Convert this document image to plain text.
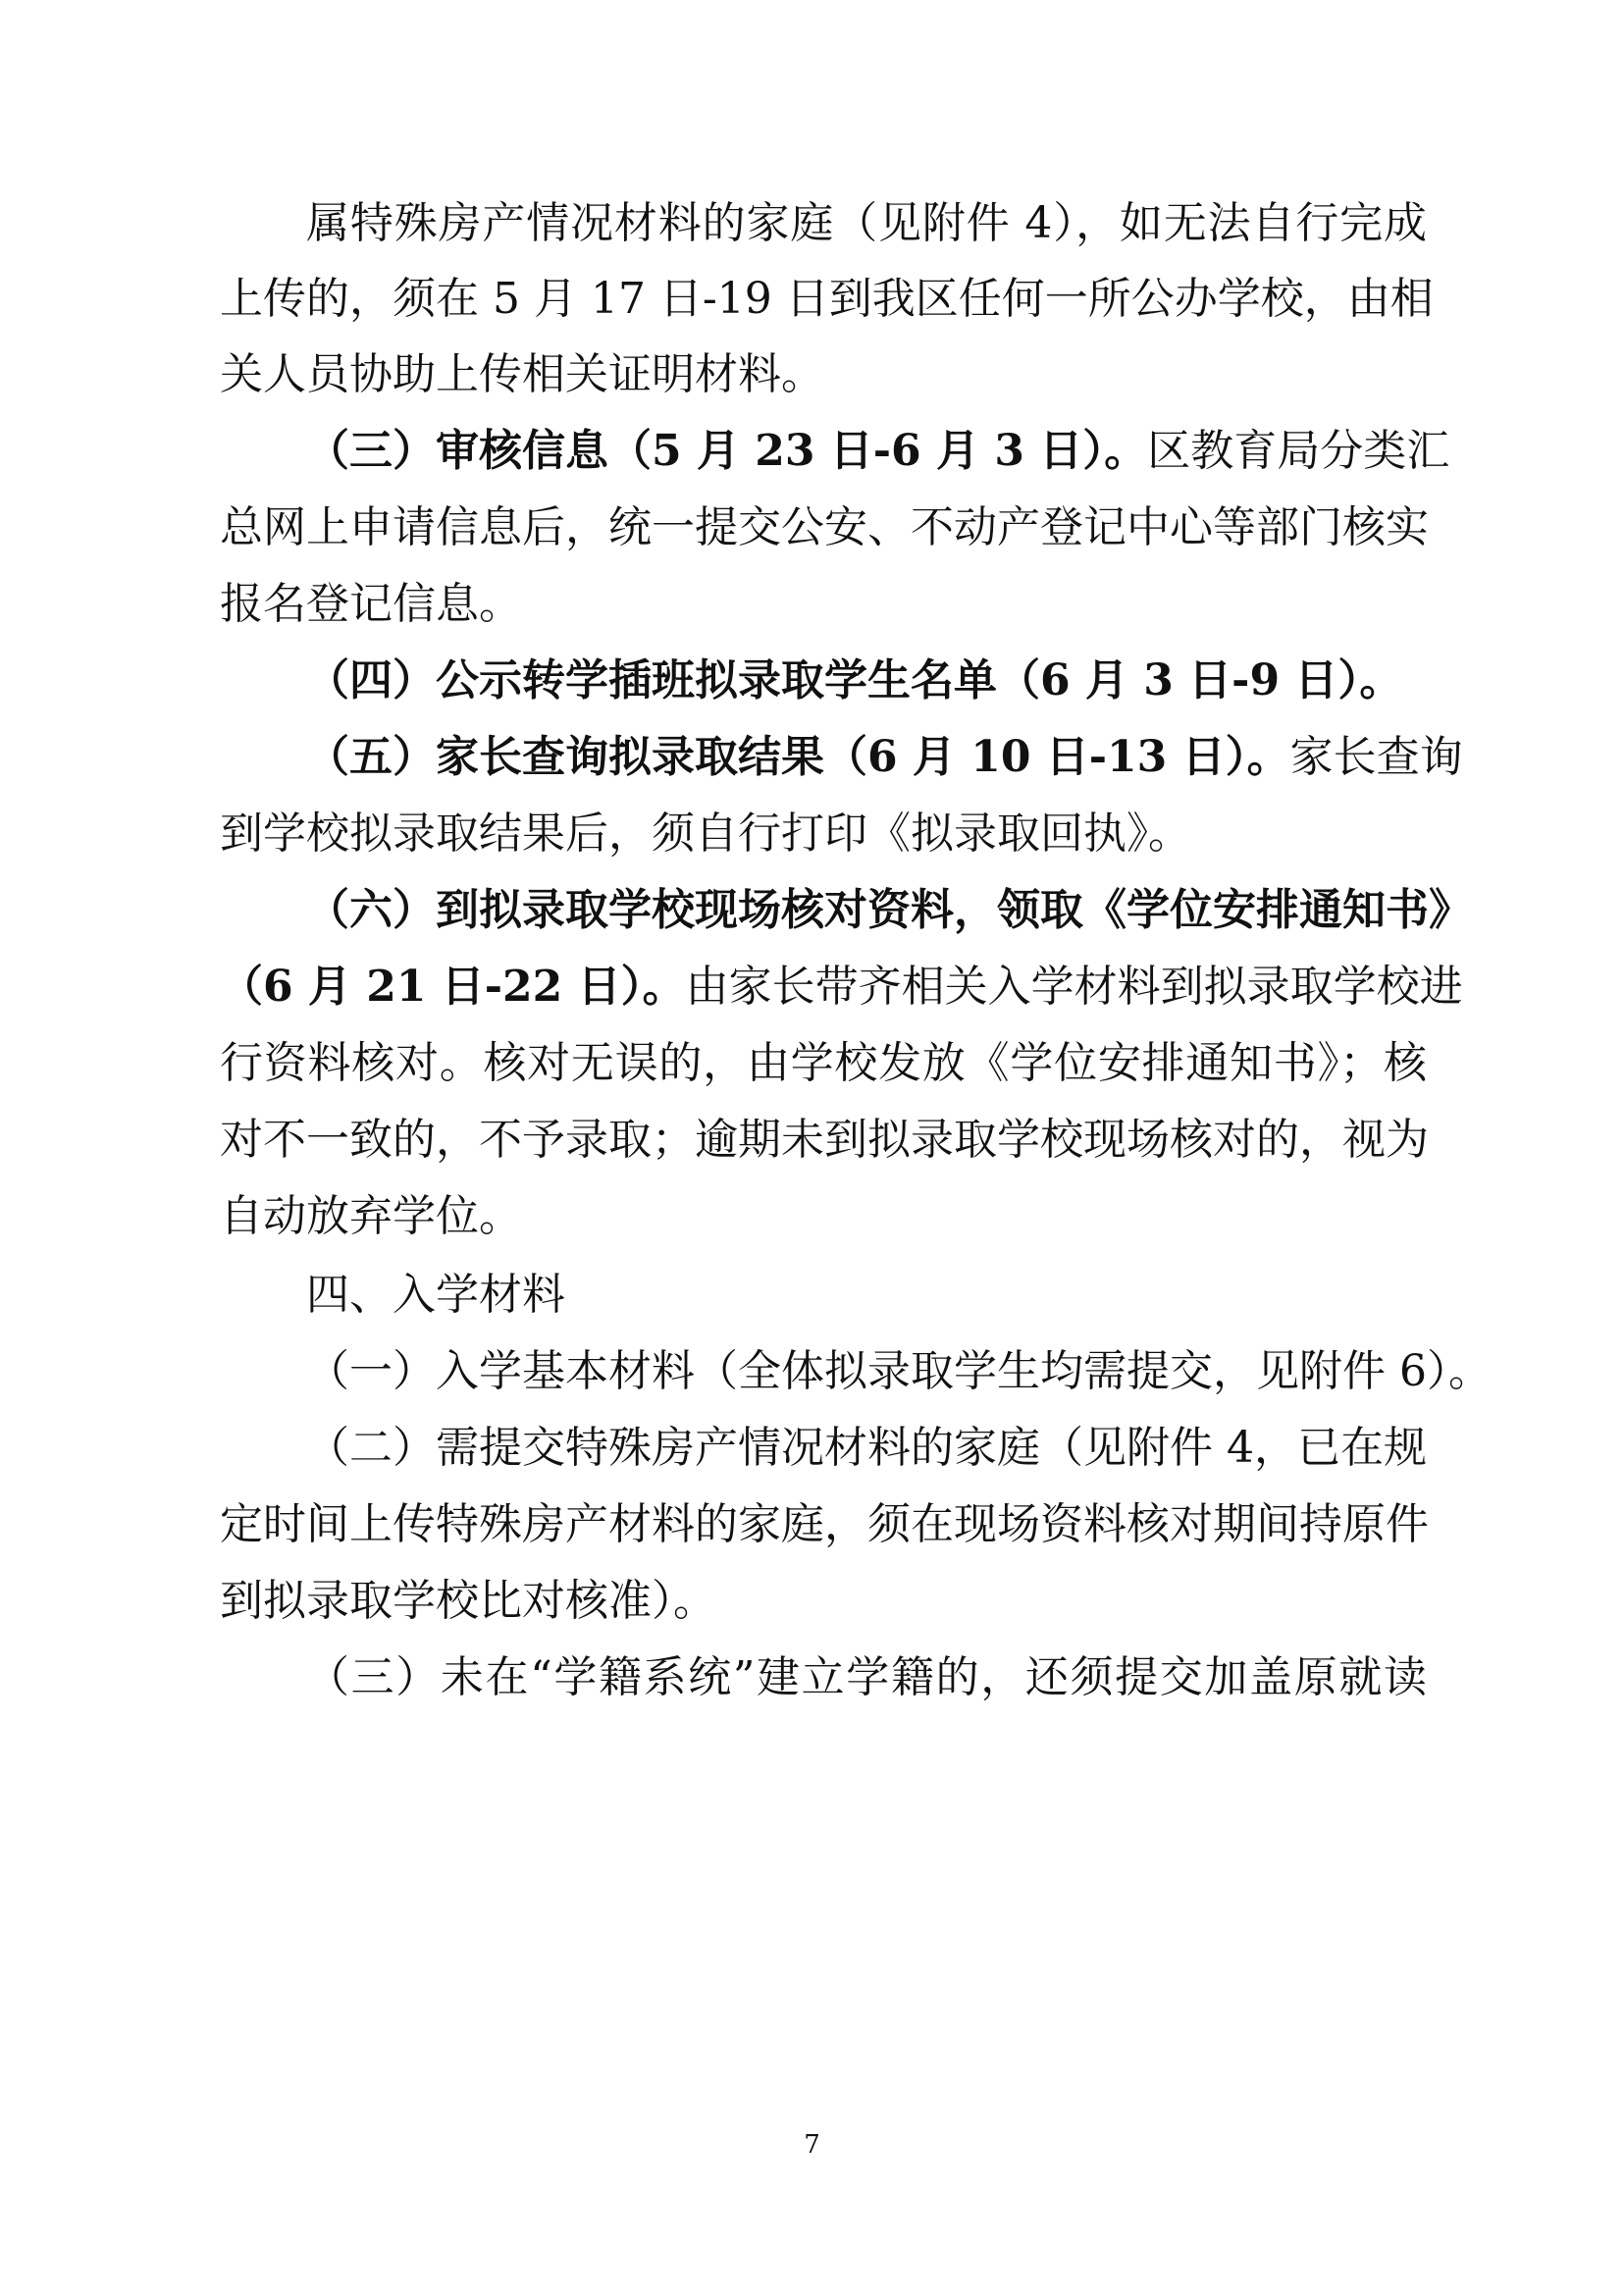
属特殊房产情况材料的家庭（见附件 4），如无法自行完成
上传的，须在 5 月 17 日-19 日到我区任何一所公办学校，由相
关人员协助上传相关证明材料。
（三）审核信息（5 月 23 日-6 月 3 日）。区教育局分类汇
总网上申请信息后，统一提交公安、不动产登记中心等部门核实
报名登记信息。
（四）公示转学插班拟录取学生名单（6 月 3 日-9 日）。
（五）家长查询拟录取结果（6 月 10 日-13 日）。家长查询
到学校拟录取结果后，须自行打印《拟录取回执》。
（六）到拟录取学校现场核对资料，领取《学位安排通知书》
（6 月 21 日-22 日）。由家长带齐相关入学材料到拟录取学校进
行资料核对。核对无误的，由学校发放《学位安排通知书》；核
对不一致的，不予录取；逾期未到拟录取学校现场核对的，视为
自动放弃学位。
四、入学材料
（一）入学基本材料（全体拟录取学生均需提交，见附件 6）。
（二）需提交特殊房产情况材料的家庭（见附件 4，已在规
定时间上传特殊房产材料的家庭，须在现场资料核对期间持原件
到拟录取学校比对核准）。
（三）未在“学籍系统”建立学籍的，还须提交加盖原就读
7
